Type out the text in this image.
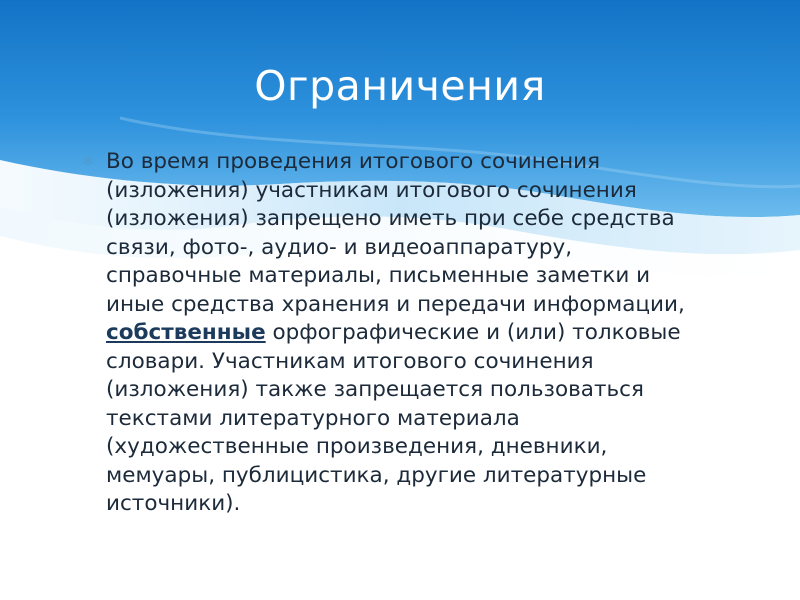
Ограничения
✱ Во время проведения итогового сочинения (изложения) участникам итогового сочинения (изложения) запрещено иметь при себе средства связи, фото-, аудио- и видеоаппаратуру, справочные материалы, письменные заметки и иные средства хранения и передачи информации, собственные орфографические и (или) толковые словари. Участникам итогового сочинения (изложения) также запрещается пользоваться текстами литературного материала (художественные произведения, дневники, мемуары, публицистика, другие литературные источники).
